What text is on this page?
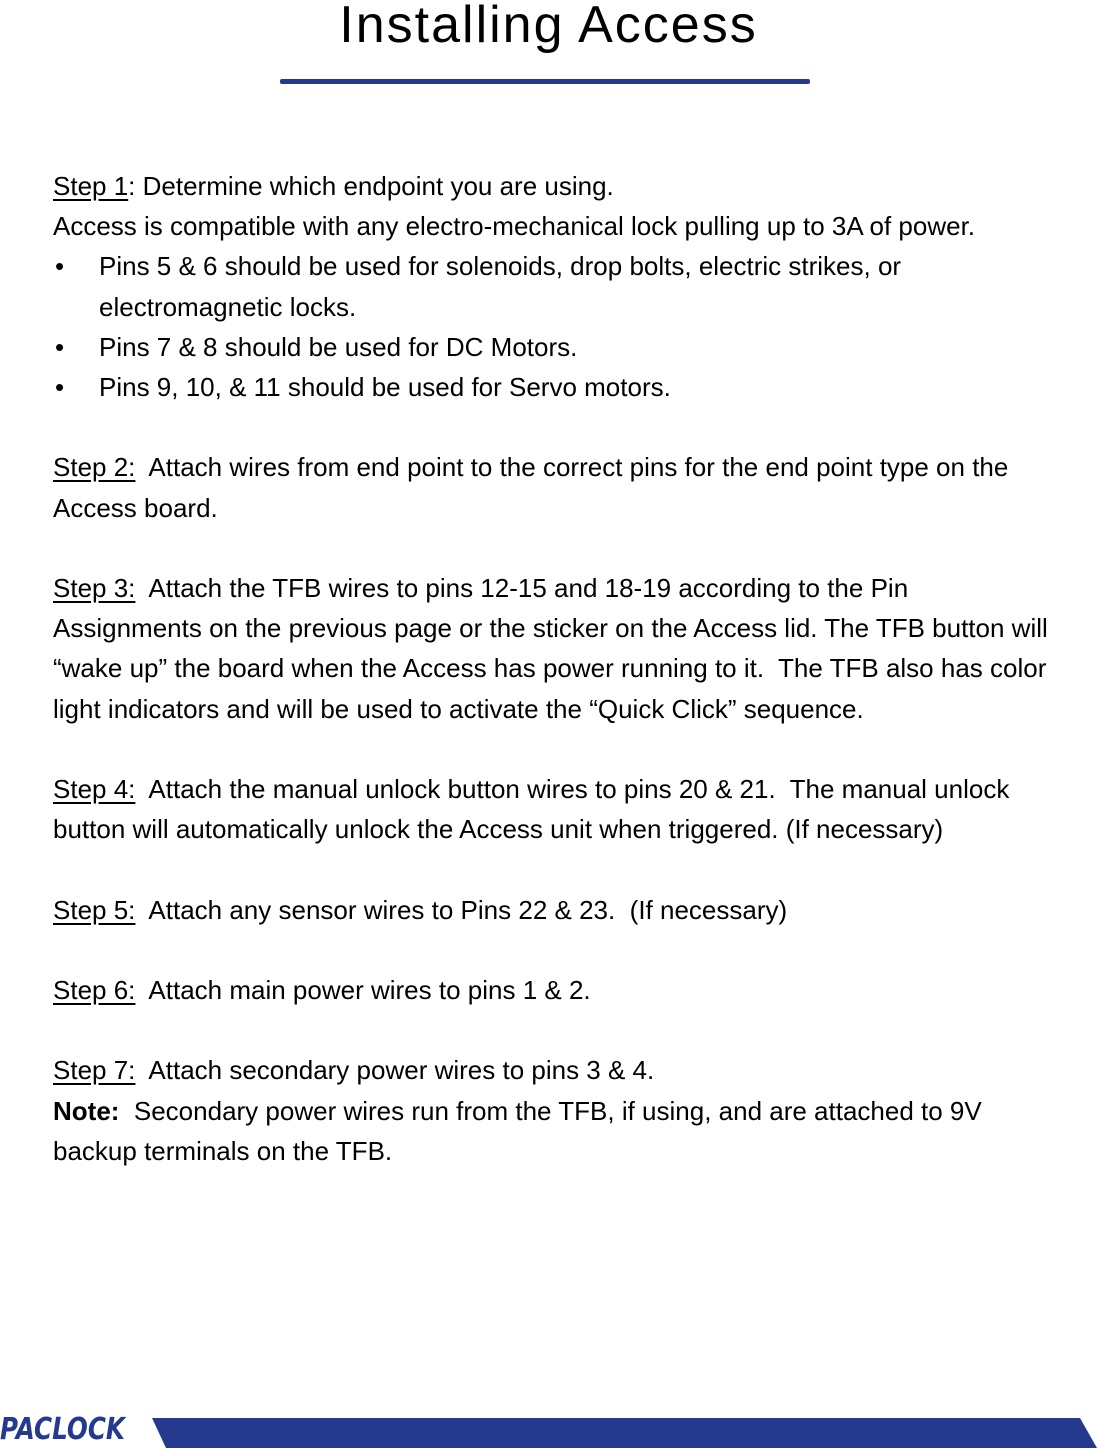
Installing Access

Step 1: Determine which endpoint you are using.

Access is compatible with any electro-mechanical lock pulling up to 3A of power.

• Pins 5 & 6 should be used for solenoids, drop bolts, electric strikes, or electromagnetic locks.
• Pins 7 & 8 should be used for DC Motors.
• Pins 9, 10, & 11 should be used for Servo motors.

Step 2:  Attach wires from end point to the correct pins for the end point type on the Access board.

Step 3:  Attach the TFB wires to pins 12-15 and 18-19 according to the Pin Assignments on the previous page or the sticker on the Access lid. The TFB button will “wake up” the board when the Access has power running to it.  The TFB also has color light indicators and will be used to activate the “Quick Click” sequence.

Step 4:  Attach the manual unlock button wires to pins 20 & 21.  The manual unlock button will automatically unlock the Access unit when triggered. (If necessary)

Step 5:  Attach any sensor wires to Pins 22 & 23.  (If necessary)

Step 6:  Attach main power wires to pins 1 & 2.

Step 7:  Attach secondary power wires to pins 3 & 4.

Note:  Secondary power wires run from the TFB, if using, and are attached to 9V backup terminals on the TFB.

PACLOCK
